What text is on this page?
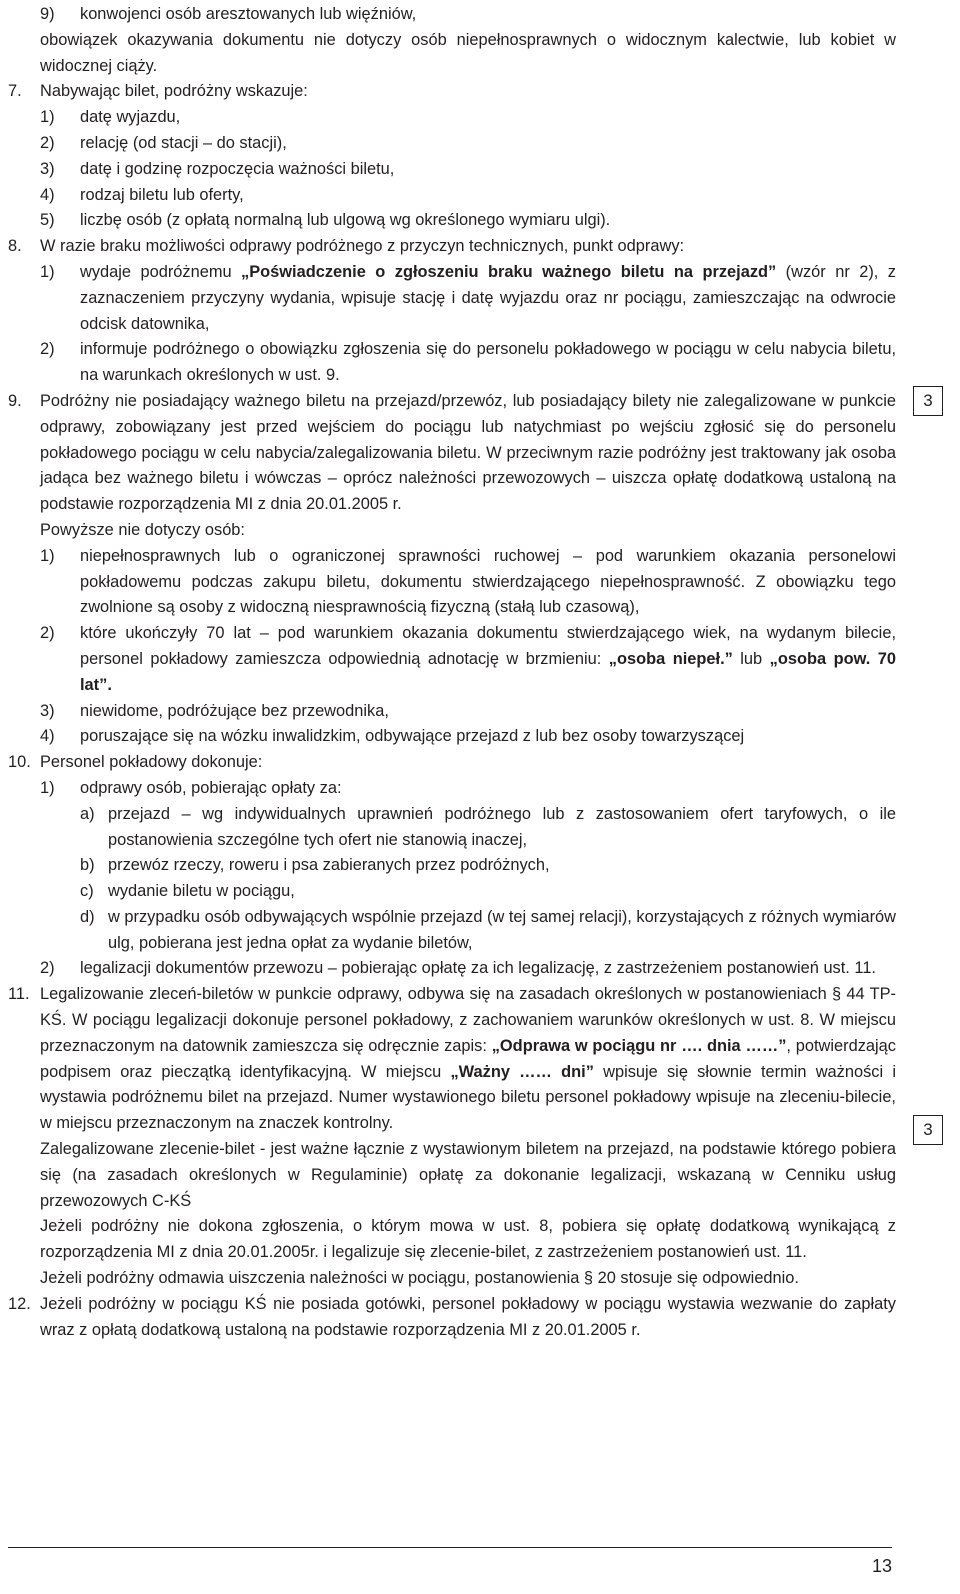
9)	konwojenci osób aresztowanych lub więźniów,
obowiązek okazywania dokumentu nie dotyczy osób niepełnosprawnych o widocznym kalectwie, lub kobiet w widocznej ciąży.
7.	Nabywając bilet, podróżny wskazuje:
1)	datę wyjazdu,
2)	relację (od stacji – do stacji),
3)	datę i godzinę rozpoczęcia ważności biletu,
4)	rodzaj biletu lub oferty,
5)	liczbę osób (z opłatą normalną lub ulgową wg określonego wymiaru ulgi).
8.	W razie braku możliwości odprawy podróżnego z przyczyn technicznych, punkt odprawy:
1)	wydaje podróżnemu „Poświadczenie o zgłoszeniu braku ważnego biletu na przejazd” (wzór nr 2), z zaznaczeniem przyczyny wydania, wpisuje stację i datę wyjazdu oraz nr pociągu, zamieszczając na odwrocie odcisk datownika,
2)	informuje podróżnego o obowiązku zgłoszenia się do personelu pokładowego w pociągu w celu nabycia biletu, na warunkach określonych w ust. 9.
9.	Podróżny nie posiadający ważnego biletu na przejazd/przewóz, lub posiadający bilety nie zalegalizowane w punkcie odprawy, zobowiązany jest przed wejściem do pociągu lub natychmiast po wejściu zgłosić się do personelu pokładowego pociągu w celu nabycia/zalegalizowania biletu. W przeciwnym razie podróżny jest traktowany jak osoba jadąca bez ważnego biletu i wówczas – oprócz należności przewozowych – uiszcza opłatę dodatkową ustaloną na podstawie rozporządzenia MI z dnia 20.01.2005 r.
Powyższe nie dotyczy osób:
1)	niepełnosprawnych lub o ograniczonej sprawności ruchowej – pod warunkiem okazania personelowi pokładowemu podczas zakupu biletu, dokumentu stwierdzającego niepełnosprawność. Z obowiązku tego zwolnione są osoby z widoczną niesprawnością fizyczną (stałą lub czasową),
2)	które ukończyły 70 lat – pod warunkiem okazania dokumentu stwierdzającego wiek, na wydanym bilecie, personel pokładowy zamieszcza odpowiednią adnotację w brzmieniu: „osoba niepeł.” lub „osoba pow. 70 lat”.
3)	niewidome, podróżujące bez przewodnika,
4)	poruszające się na wózku inwalidzkim, odbywające przejazd z lub bez osoby towarzyszącej
10. Personel pokładowy dokonuje:
1)	odprawy osób, pobierając opłaty za:
a) przejazd – wg indywidualnych uprawnień podróżnego lub z zastosowaniem ofert taryfowych, o ile postanowienia szczególne tych ofert nie stanowią inaczej,
b) przewóz rzeczy, roweru i psa zabieranych przez podróżnych,
c) wydanie biletu w pociągu,
d) w przypadku osób odbywających wspólnie przejazd (w tej samej relacji), korzystających z różnych wymiarów ulg, pobierana jest jedna opłat za wydanie biletów,
2)	legalizacji dokumentów przewozu – pobierając opłatę za ich legalizację, z zastrzeżeniem postanowień ust. 11.
11. Legalizowanie zleceń-biletów w punkcie odprawy, odbywa się na zasadach określonych w postanowieniach § 44 TP-KŚ. W pociągu legalizacji dokonuje personel pokładowy, z zachowaniem warunków określonych w ust. 8. W miejscu przeznaczonym na datownik zamieszcza się odręcznie zapis: „Odprawa w pociągu nr …. dnia ……”, potwierdzając podpisem oraz pieczątką identyfikacyjną. W miejscu „Ważny …… dni” wpisuje się słownie termin ważności i wystawia podróżnemu bilet na przejazd. Numer wystawionego biletu personel pokładowy wpisuje na zleceniu-bilecie, w miejscu przeznaczonym na znaczek kontrolny.
Zalegalizowane zlecenie-bilet - jest ważne łącznie z wystawionym biletem na przejazd, na podstawie którego pobiera się (na zasadach określonych w Regulaminie) opłatę za dokonanie legalizacji, wskazaną w Cenniku usług przewozowych C-KŚ
Jeżeli podróżny nie dokona zgłoszenia, o którym mowa w ust. 8, pobiera się opłatę dodatkową wynikającą z rozporządzenia MI z dnia 20.01.2005r. i legalizuje się zlecenie-bilet, z zastrzeżeniem postanowień ust. 11.
Jeżeli podróżny odmawia uiszczenia należności w pociągu, postanowienia § 20 stosuje się odpowiednio.
12. Jeżeli podróżny w pociągu KŚ nie posiada gotówki, personel pokładowy w pociągu wystawia wezwanie do zapłaty wraz z opłatą dodatkową ustaloną na podstawie rozporządzenia MI z 20.01.2005 r.
3
3
13
